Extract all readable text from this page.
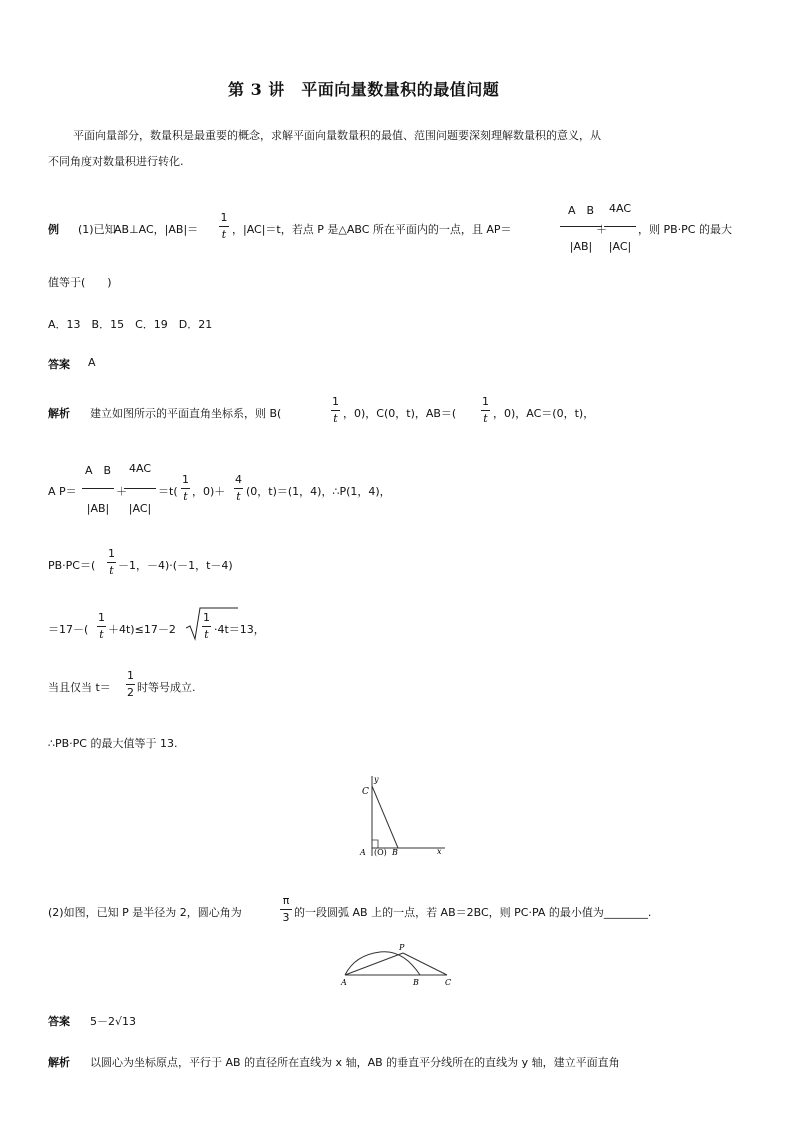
第 3 讲　平面向量数量积的最值问题
平面向量部分，数量积是最重要的概念，求解平面向量数量积的最值、范围问题要深刻理解数量积的意义，从
不同角度对数量积进行转化.
例 (1)已知
AB⊥AC，|AB|＝
1
t ，|AC|＝t，若点 P 是△ABC 所在平面内的一点，且 AP＝
A　B
|AB|
＋
4AC
|AC|
，则 PB·PC 的最大
值等于(　　)
A．13　B．15　C．19　D．21
答案 A
解析 建立如图所示的平面直角坐标系，则 B(
1
t ，0)，C(0，t)，AB＝(
1
t ，0)，AC＝(0，t)，
A P＝
A　B
|AB|
＋
4AC
|AC|
＝t(
1
t ，0)＋
4
t (0，t)＝(1，4)，∴P(1，4)，
PB·PC＝(
1
t －1，－4)·(－1，t－4)
＝17－(
1
t ＋4t)≤17－2
1
t ·4t＝13，
当且仅当 t＝
1
2 时等号成立.
∴PB·PC 的最大值等于 13.
C
y
A (O) B	x
(2)如图，已知 P 是半径为 2，圆心角为
π
3 的一段圆弧 AB 上的一点，若 AB＝2BC，则 PC·PA 的最小值为________.
P
A	B	C
答案 5－2√13
解析 以圆心为坐标原点，平行于 AB 的直径所在直线为 x 轴，AB 的垂直平分线所在的直线为 y 轴，建立平面直角
